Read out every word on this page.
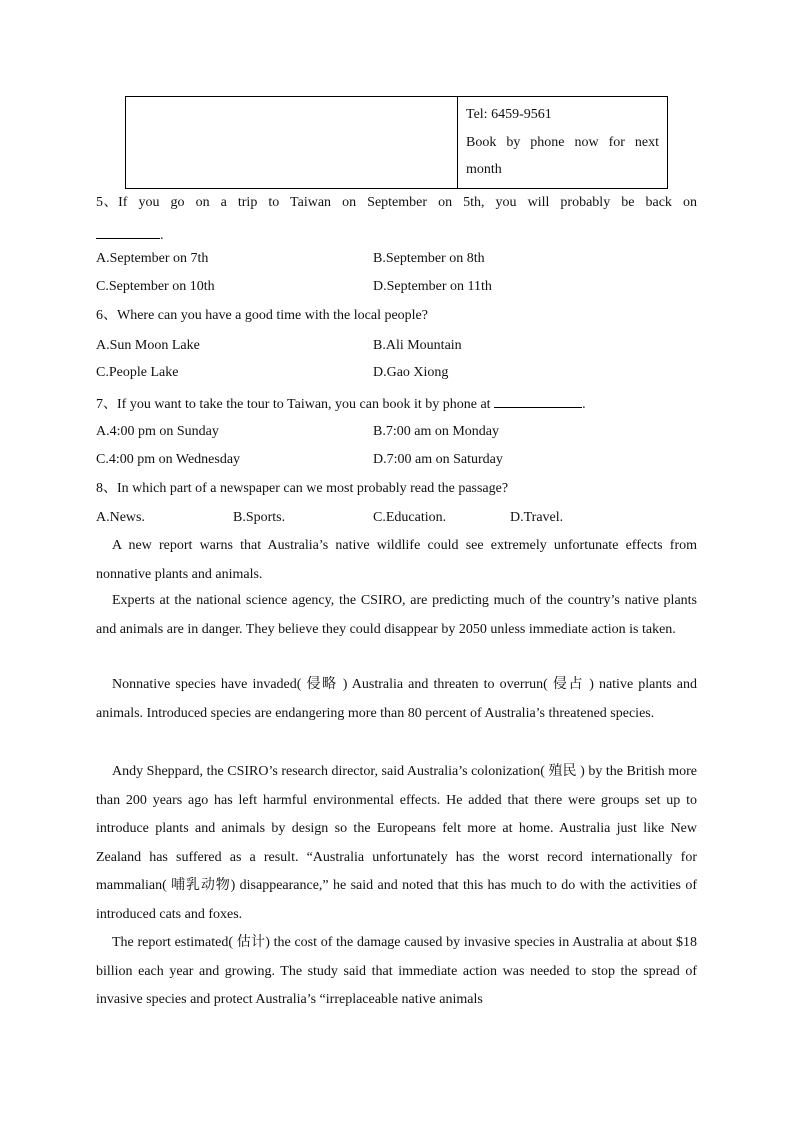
Tel: 6459-9561
Book by phone now for next
month
5、If you go on a trip to Taiwan on September on 5th, you will probably be back on
.
A.September on 7th	B.September on 8th
C.September on 10th	D.September on 11th
6、Where can you have a good time with the local people?
A.Sun Moon Lake	B.Ali Mountain
C.People Lake	D.Gao Xiong
7、If you want to take the tour to Taiwan, you can book it by phone at	.
A.4:00 pm on Sunday	B.7:00 am on Monday
C.4:00 pm on Wednesday	D.7:00 am on Saturday
8、In which part of a newspaper can we most probably read the passage?
A.News.	B.Sports.	C.Education.	D.Travel.

A new report warns that Australia’s native wildlife could see extremely unfortunate effects from nonnative plants and animals.

Experts at the national science agency, the CSIRO, are predicting much of the country’s native plants and animals are in danger. They believe they could disappear by 2050 unless immediate action is taken.

Nonnative species have invaded( 侵略 ) Australia and threaten to overrun( 侵占 ) native plants and animals. Introduced species are endangering more than 80 percent of Australia’s threatened species.

Andy Sheppard, the CSIRO’s research director, said Australia’s colonization( 殖民 ) by the British more than 200 years ago has left harmful environmental effects. He added that there were groups set up to introduce plants and animals by design so the Europeans felt more at home. Australia just like New Zealand has suffered as a result. “Australia unfortunately has the worst record internationally for mammalian( 哺乳动物) disappearance,” he said and noted that this has much to do with the activities of introduced cats and foxes.

The report estimated( 估计) the cost of the damage caused by invasive species in Australia at about $18 billion each year and growing. The study said that immediate action was needed to stop the spread of invasive species and protect Australia’s “irreplaceable native animals
